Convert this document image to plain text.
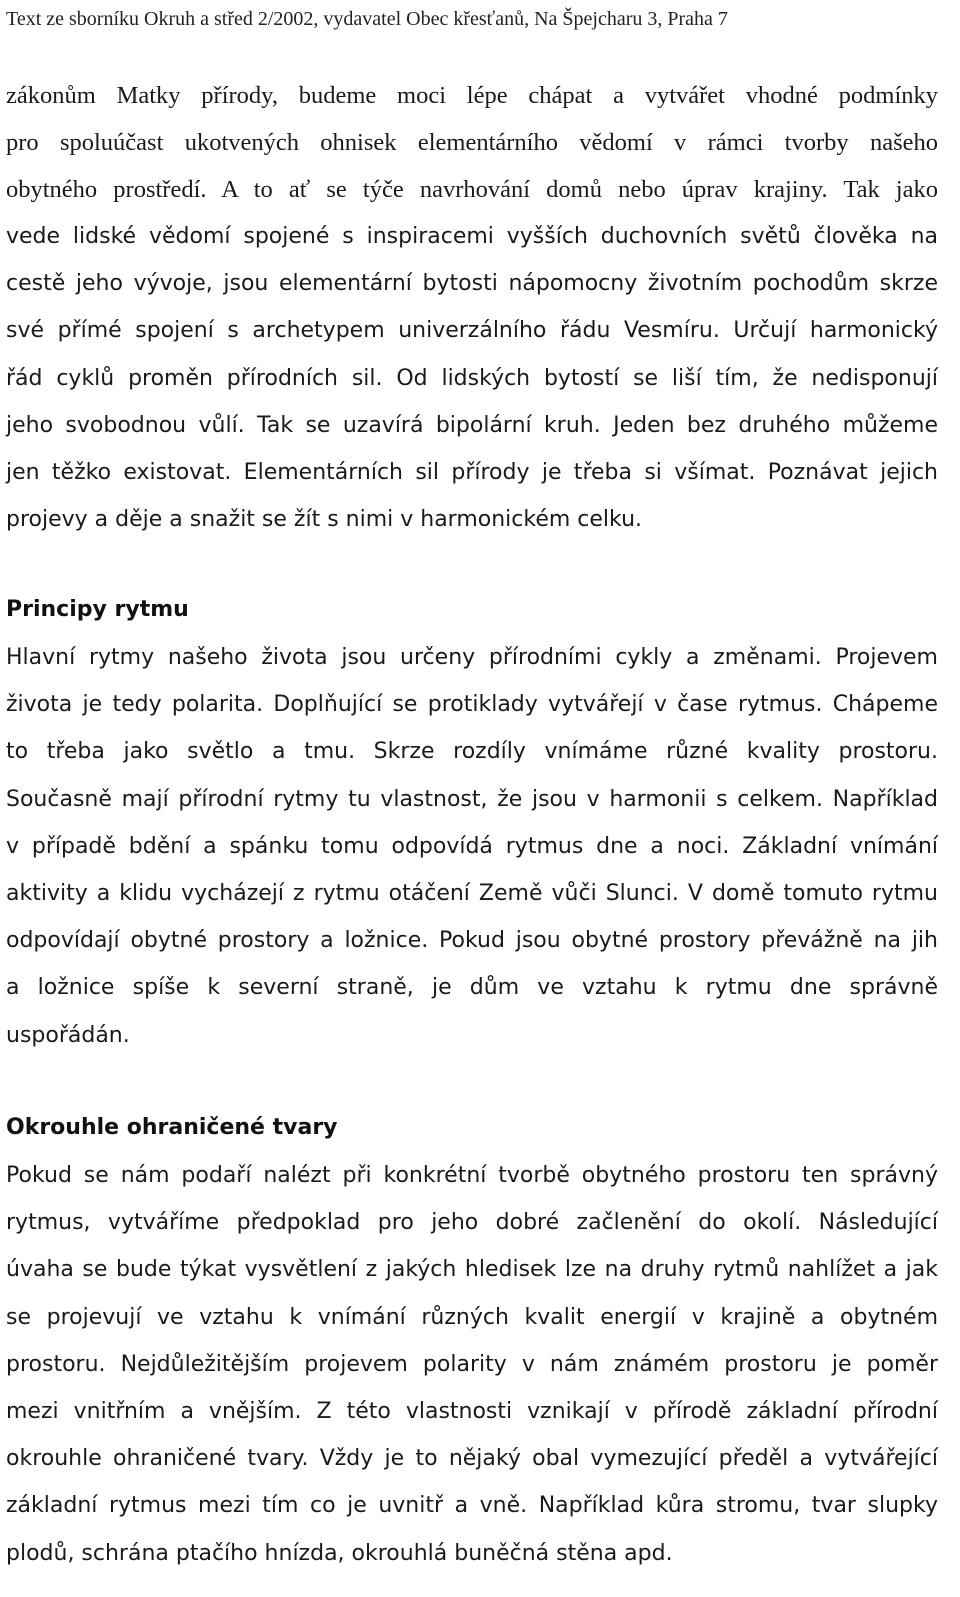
Text ze sborníku Okruh a střed 2/2002, vydavatel Obec křesťanů, Na Špejcharu 3, Praha 7
zákonům Matky přírody, budeme moci lépe chápat a vytvářet vhodné podmínky
pro spoluúčast ukotvených ohnisek elementárního vědomí v rámci tvorby našeho
obytného prostředí. A to ať se týče navrhování domů nebo úprav krajiny. Tak jako
vede lidské vědomí spojené s inspiracemi vyšších duchovních světů člověka na
cestě jeho vývoje, jsou elementární bytosti nápomocny životním pochodům skrze
své přímé spojení s archetypem univerzálního řádu Vesmíru. Určují harmonický
řád cyklů proměn přírodních sil. Od lidských bytostí se liší tím, že nedisponují
jeho svobodnou vůlí. Tak se uzavírá bipolární kruh. Jeden bez druhého můžeme
jen těžko existovat. Elementárních sil přírody je třeba si všímat. Poznávat jejich
projevy a děje a snažit se žít s nimi v harmonickém celku.
Principy rytmu
Hlavní rytmy našeho života jsou určeny přírodními cykly a změnami. Projevem
života je tedy polarita. Doplňující se protiklady vytvářejí v čase rytmus. Chápeme
to třeba jako světlo a tmu. Skrze rozdíly vnímáme různé kvality prostoru.
Současně mají přírodní rytmy tu vlastnost, že jsou v harmonii s celkem. Například
v případě bdění a spánku tomu odpovídá rytmus dne a noci. Základní vnímání
aktivity a klidu vycházejí z rytmu otáčení Země vůči Slunci. V domě tomuto rytmu
odpovídají obytné prostory a ložnice. Pokud jsou obytné prostory převážně na jih
a ložnice spíše k severní straně, je dům ve vztahu k rytmu dne správně
uspořádán.
Okrouhle ohraničené tvary
Pokud se nám podaří nalézt při konkrétní tvorbě obytného prostoru ten správný
rytmus, vytváříme předpoklad pro jeho dobré začlenění do okolí. Následující
úvaha se bude týkat vysvětlení z jakých hledisek lze na druhy rytmů nahlížet a jak
se projevují ve vztahu k vnímání různých kvalit energií v krajině a obytném
prostoru. Nejdůležitějším projevem polarity v nám známém prostoru je poměr
mezi vnitřním a vnějším. Z této vlastnosti vznikají v přírodě základní přírodní
okrouhle ohraničené tvary. Vždy je to nějaký obal vymezující předěl a vytvářející
základní rytmus mezi tím co je uvnitř a vně. Například kůra stromu, tvar slupky
plodů, schrána ptačího hnízda, okrouhlá buněčná stěna apd.
